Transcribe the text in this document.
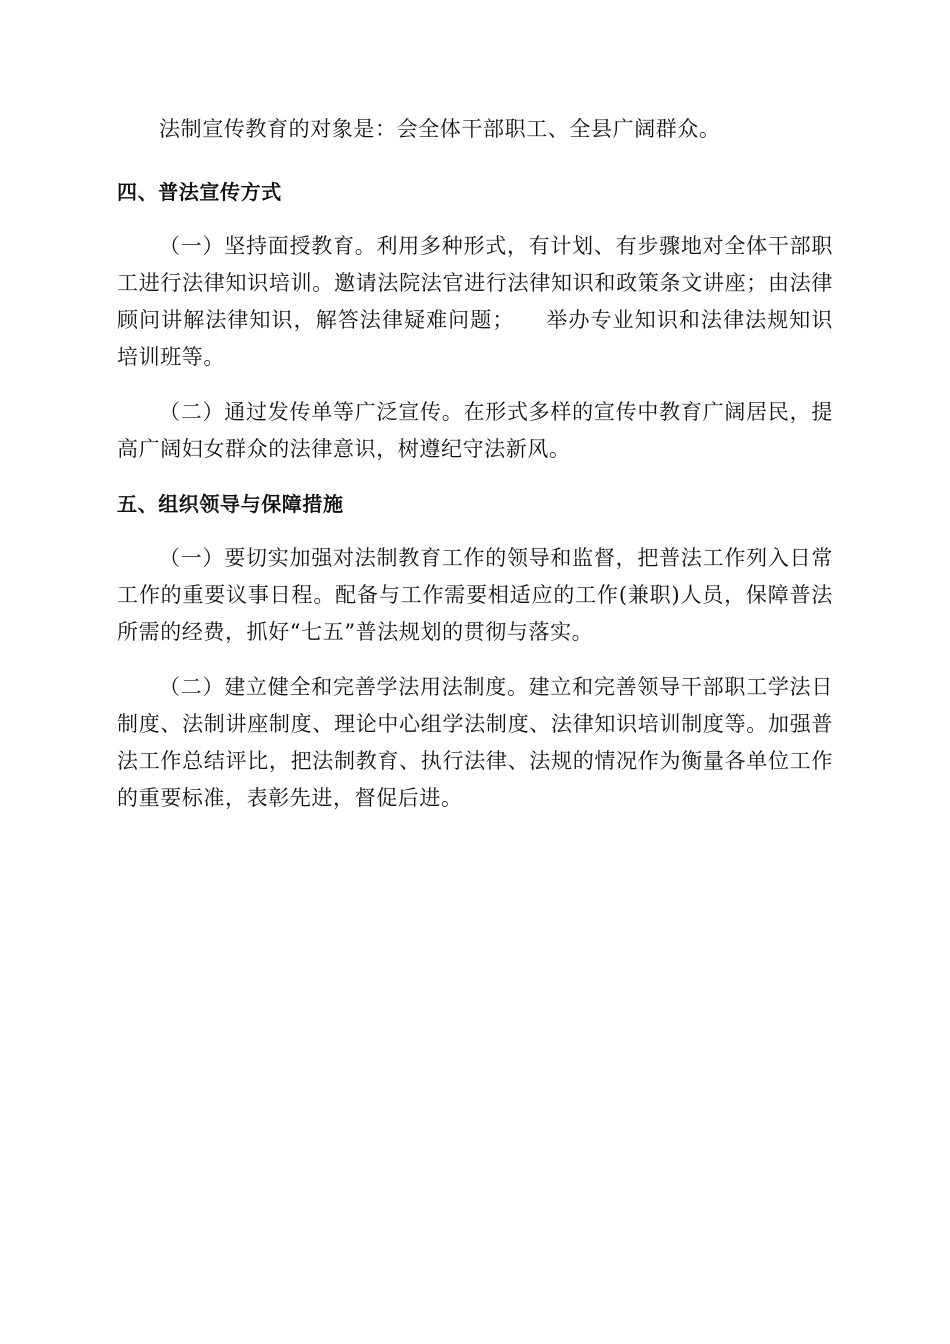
法制宣传教育的对象是：会全体干部职工、全县广阔群众。

四、普法宣传方式

（一）坚持面授教育。利用多种形式，有计划、有步骤地对全体干部职工进行法律知识培训。邀请法院法官进行法律知识和政策条文讲座；由法律顾问讲解法律知识，解答法律疑难问题； 举办专业知识和法律法规知识培训班等。

（二）通过发传单等广泛宣传。在形式多样的宣传中教育广阔居民，提高广阔妇女群众的法律意识，树遵纪守法新风。

五、组织领导与保障措施

（一）要切实加强对法制教育工作的领导和监督，把普法工作列入日常工作的重要议事日程。配备与工作需要相适应的工作(兼职)人员，保障普法所需的经费，抓好“七五”普法规划的贯彻与落实。

（二）建立健全和完善学法用法制度。建立和完善领导干部职工学法日制度、法制讲座制度、理论中心组学法制度、法律知识培训制度等。加强普法工作总结评比，把法制教育、执行法律、法规的情况作为衡量各单位工作的重要标准，表彰先进，督促后进。
